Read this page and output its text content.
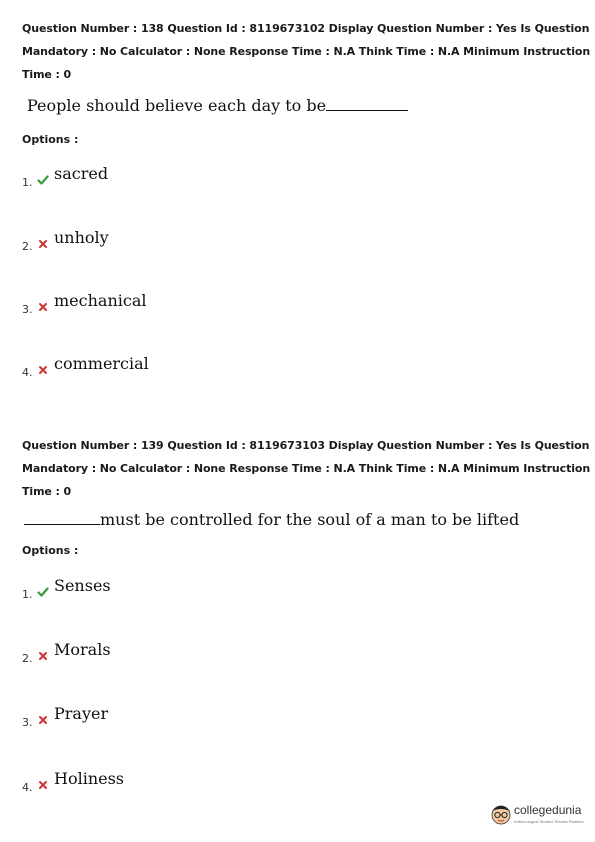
Question Number : 138 Question Id : 8119673102 Display Question Number : Yes Is Question
Mandatory : No Calculator : None Response Time : N.A Think Time : N.A Minimum Instruction
Time : 0
People should believe each day to be
Options :
1. sacred
2. unholy
3. mechanical
4. commercial
Question Number : 139 Question Id : 8119673103 Display Question Number : Yes Is Question
Mandatory : No Calculator : None Response Time : N.A Think Time : N.A Minimum Instruction
Time : 0
must be controlled for the soul of a man to be lifted
Options :
1. Senses
2. Morals
3. Prayer
4. Holiness
collegedunia
India's largest Student Review Platform
